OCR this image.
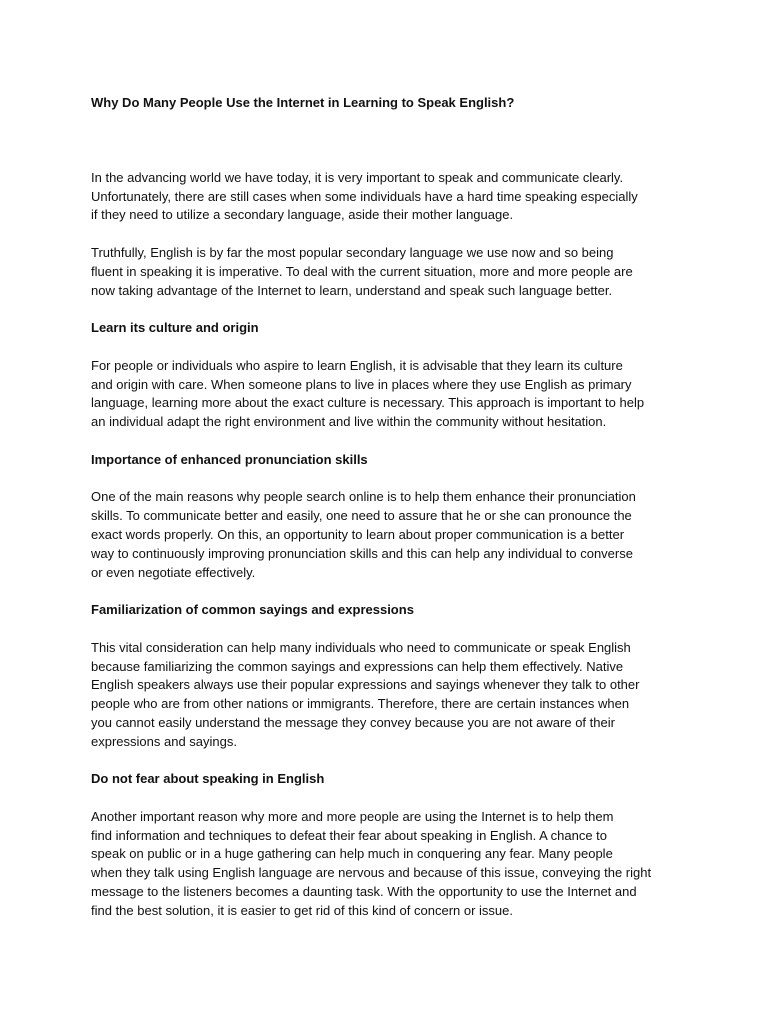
Why Do Many People Use the Internet in Learning to Speak English?

In the advancing world we have today, it is very important to speak and communicate clearly.
Unfortunately, there are still cases when some individuals have a hard time speaking especially
if they need to utilize a secondary language, aside their mother language.

Truthfully, English is by far the most popular secondary language we use now and so being
fluent in speaking it is imperative. To deal with the current situation, more and more people are
now taking advantage of the Internet to learn, understand and speak such language better.

Learn its culture and origin

For people or individuals who aspire to learn English, it is advisable that they learn its culture
and origin with care. When someone plans to live in places where they use English as primary
language, learning more about the exact culture is necessary. This approach is important to help
an individual adapt the right environment and live within the community without hesitation.

Importance of enhanced pronunciation skills

One of the main reasons why people search online is to help them enhance their pronunciation
skills. To communicate better and easily, one need to assure that he or she can pronounce the
exact words properly. On this, an opportunity to learn about proper communication is a better
way to continuously improving pronunciation skills and this can help any individual to converse
or even negotiate effectively.

Familiarization of common sayings and expressions

This vital consideration can help many individuals who need to communicate or speak English
because familiarizing the common sayings and expressions can help them effectively. Native
English speakers always use their popular expressions and sayings whenever they talk to other
people who are from other nations or immigrants. Therefore, there are certain instances when
you cannot easily understand the message they convey because you are not aware of their
expressions and sayings.

Do not fear about speaking in English

Another important reason why more and more people are using the Internet is to help them
find information and techniques to defeat their fear about speaking in English. A chance to
speak on public or in a huge gathering can help much in conquering any fear. Many people
when they talk using English language are nervous and because of this issue, conveying the right
message to the listeners becomes a daunting task. With the opportunity to use the Internet and
find the best solution, it is easier to get rid of this kind of concern or issue.
